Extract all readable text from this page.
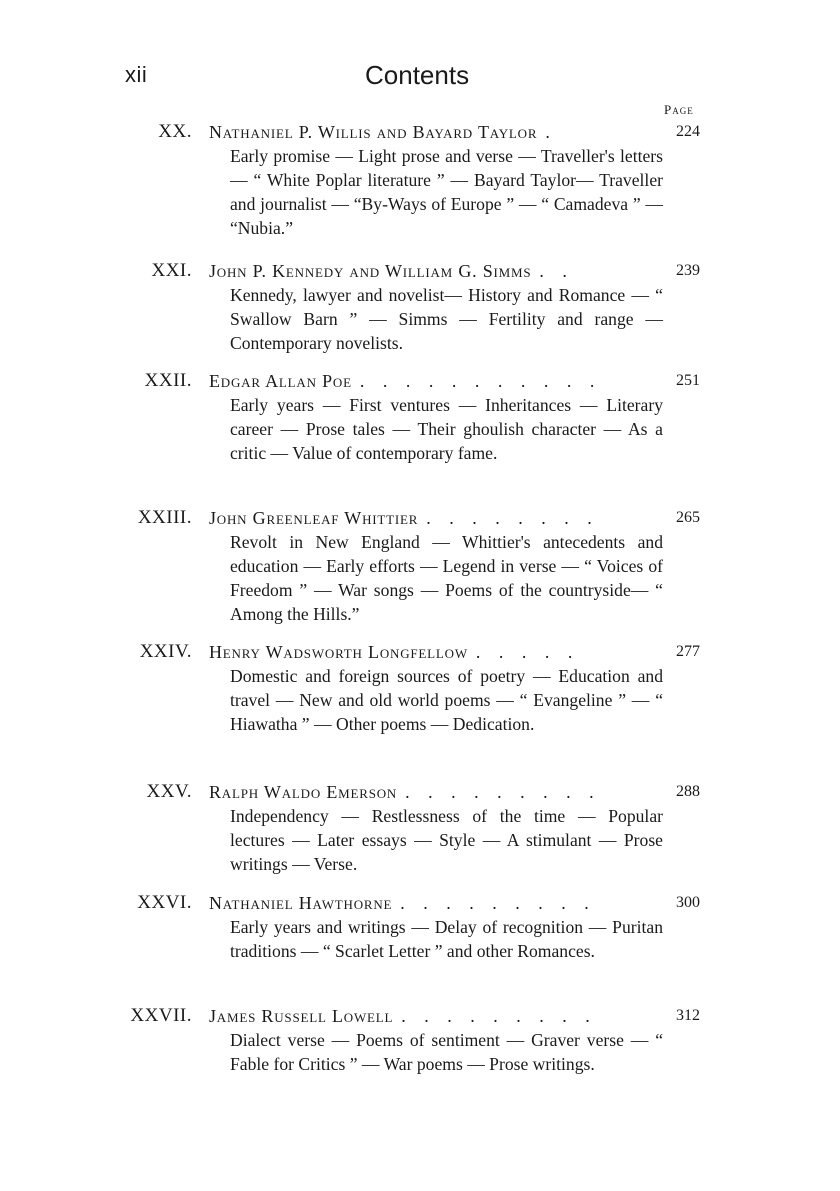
xii	Contents
Page
XX. Nathaniel P. Willis and Bayard Taylor .	224
Early promise — Light prose and verse — Traveller's letters — “ White Poplar literature ” — Bayard Taylor— Traveller and journalist — “By-Ways of Europe ” — “ Camadeva ” — “Nubia.”
XXI. John P. Kennedy and William G. Simms . .	239
Kennedy, lawyer and novelist— History and Romance — “ Swallow Barn ” — Simms — Fertility and range — Contemporary novelists.
XXII. Edgar Allan Poe . . . . . . . . . . .	251
Early years — First ventures — Inheritances — Literary career — Prose tales — Their ghoulish character — As a critic — Value of contemporary fame.
XXIII. John Greenleaf Whittier . . . . . . . .	265
Revolt in New England — Whittier's antecedents and education — Early efforts — Legend in verse — “ Voices of Freedom ” — War songs — Poems of the countryside— “ Among the Hills.”
XXIV. Henry Wadsworth Longfellow . . . . .	277
Domestic and foreign sources of poetry — Education and travel — New and old world poems — “ Evangeline ” — “ Hiawatha ” — Other poems — Dedication.
XXV. Ralph Waldo Emerson . . . . . . . . .	288
Independency — Restlessness of the time — Popular lectures — Later essays — Style — A stimulant — Prose writings — Verse.
XXVI. Nathaniel Hawthorne . . . . . . . . .	300
Early years and writings — Delay of recognition — Puritan traditions — “ Scarlet Letter ” and other Romances.
XXVII. James Russell Lowell . . . . . . . . .	312
Dialect verse — Poems of sentiment — Graver verse — “ Fable for Critics ” — War poems — Prose writings.
